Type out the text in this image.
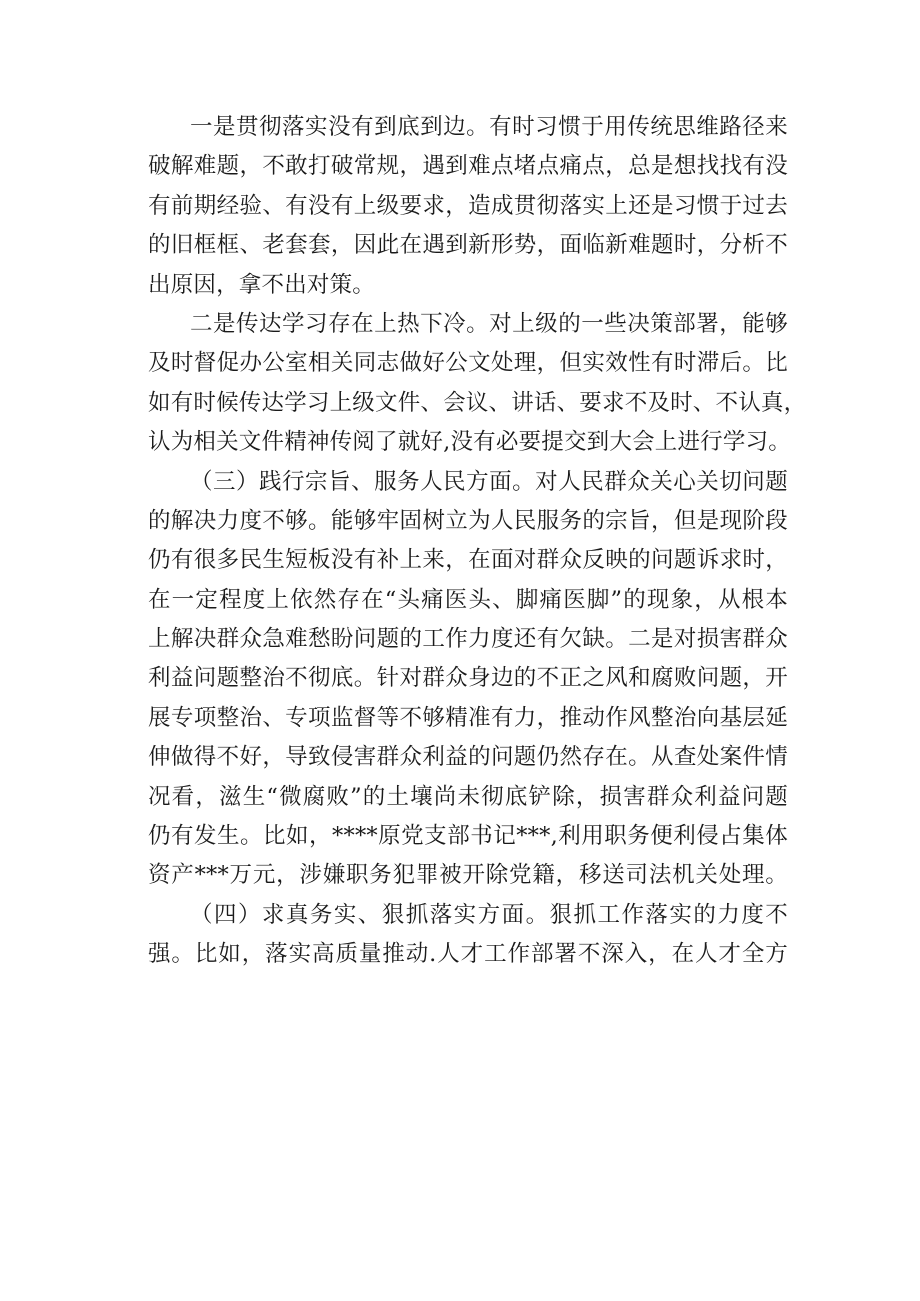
一是贯彻落实没有到底到边。有时习惯于用传统思维路径来
破解难题，不敢打破常规，遇到难点堵点痛点，总是想找找有没
有前期经验、有没有上级要求，造成贯彻落实上还是习惯于过去
的旧框框、老套套，因此在遇到新形势，面临新难题时，分析不
出原因，拿不出对策。
二是传达学习存在上热下冷。对上级的一些决策部署，能够
及时督促办公室相关同志做好公文处理，但实效性有时滞后。比
如有时候传达学习上级文件、会议、讲话、要求不及时、不认真，
认为相关文件精神传阅了就好,没有必要提交到大会上进行学习。
（三）践行宗旨、服务人民方面。对人民群众关心关切问题
的解决力度不够。能够牢固树立为人民服务的宗旨，但是现阶段
仍有很多民生短板没有补上来，在面对群众反映的问题诉求时，
在一定程度上依然存在“头痛医头、脚痛医脚”的现象，从根本
上解决群众急难愁盼问题的工作力度还有欠缺。二是对损害群众
利益问题整治不彻底。针对群众身边的不正之风和腐败问题，开
展专项整治、专项监督等不够精准有力，推动作风整治向基层延
伸做得不好，导致侵害群众利益的问题仍然存在。从查处案件情
况看，滋生“微腐败”的土壤尚未彻底铲除，损害群众利益问题
仍有发生。比如，****原党支部书记***,利用职务便利侵占集体
资产***万元，涉嫌职务犯罪被开除党籍，移送司法机关处理。
（四）求真务实、狠抓落实方面。狠抓工作落实的力度不
强。比如，落实高质量推动.人才工作部署不深入，在人才全方
